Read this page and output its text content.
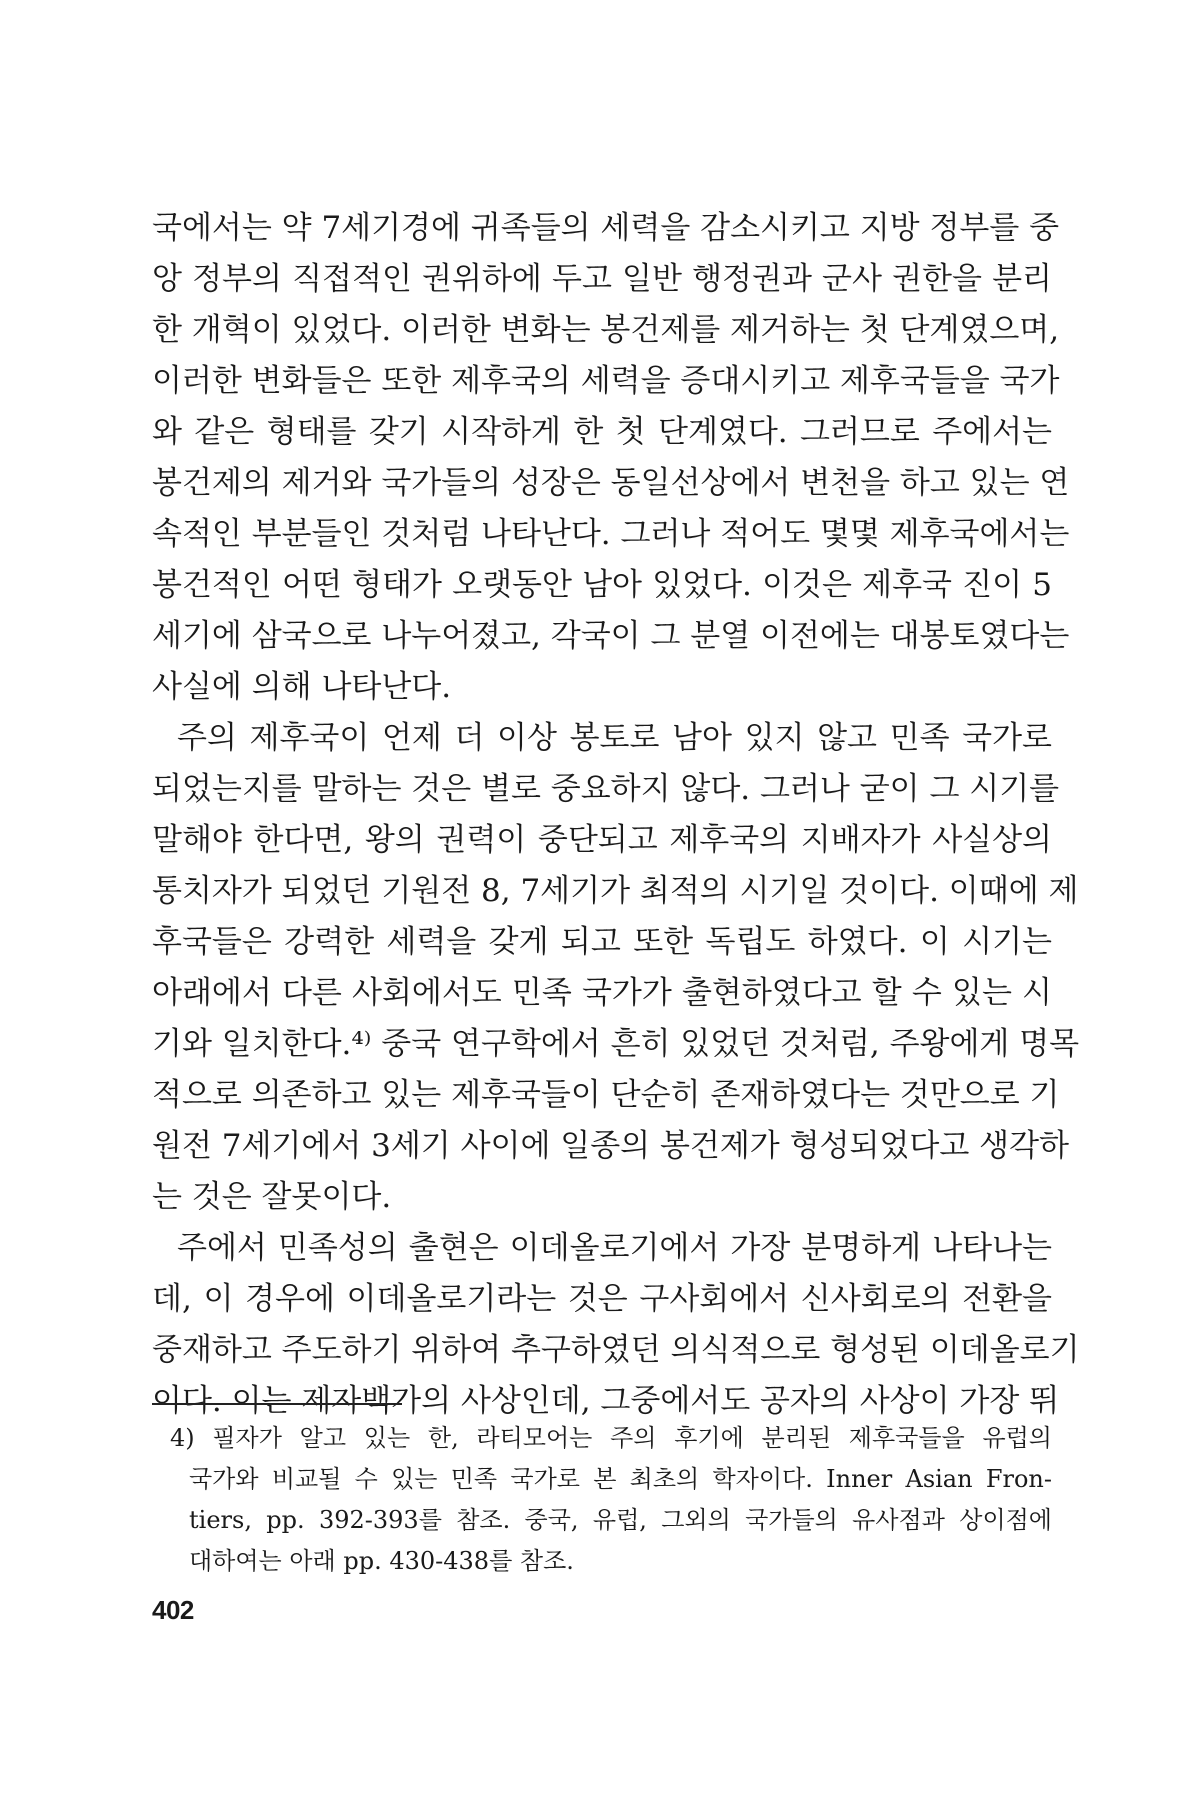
국에서는 약 7세기경에 귀족들의 세력을 감소시키고 지방 정부를 중
앙 정부의 직접적인 권위하에 두고 일반 행정권과 군사 권한을 분리
한 개혁이 있었다. 이러한 변화는 봉건제를 제거하는 첫 단계였으며,
이러한 변화들은 또한 제후국의 세력을 증대시키고 제후국들을 국가
와 같은 형태를 갖기 시작하게 한 첫 단계였다. 그러므로 주에서는
봉건제의 제거와 국가들의 성장은 동일선상에서 변천을 하고 있는 연
속적인 부분들인 것처럼 나타난다. 그러나 적어도 몇몇 제후국에서는
봉건적인 어떤 형태가 오랫동안 남아 있었다. 이것은 제후국 진이 5
세기에 삼국으로 나누어졌고, 각국이 그 분열 이전에는 대봉토였다는
사실에 의해 나타난다.
주의 제후국이 언제 더 이상 봉토로 남아 있지 않고 민족 국가로
되었는지를 말하는 것은 별로 중요하지 않다. 그러나 굳이 그 시기를
말해야 한다면, 왕의 권력이 중단되고 제후국의 지배자가 사실상의
통치자가 되었던 기원전 8, 7세기가 최적의 시기일 것이다. 이때에 제
후국들은 강력한 세력을 갖게 되고 또한 독립도 하였다. 이 시기는
아래에서 다른 사회에서도 민족 국가가 출현하였다고 할 수 있는 시
기와 일치한다.⁴⁾ 중국 연구학에서 흔히 있었던 것처럼, 주왕에게 명목
적으로 의존하고 있는 제후국들이 단순히 존재하였다는 것만으로 기
원전 7세기에서 3세기 사이에 일종의 봉건제가 형성되었다고 생각하
는 것은 잘못이다.
주에서 민족성의 출현은 이데올로기에서 가장 분명하게 나타나는
데, 이 경우에 이데올로기라는 것은 구사회에서 신사회로의 전환을
중재하고 주도하기 위하여 추구하였던 의식적으로 형성된 이데올로기
이다. 이는 제자백가의 사상인데, 그중에서도 공자의 사상이 가장 뛰
4) 필자가 알고 있는 한, 라티모어는 주의 후기에 분리된 제후국들을 유럽의
국가와 비교될 수 있는 민족 국가로 본 최초의 학자이다. Inner Asian Fron-
tiers, pp. 392-393를 참조. 중국, 유럽, 그외의 국가들의 유사점과 상이점에
대하여는 아래 pp. 430-438를 참조.
402
